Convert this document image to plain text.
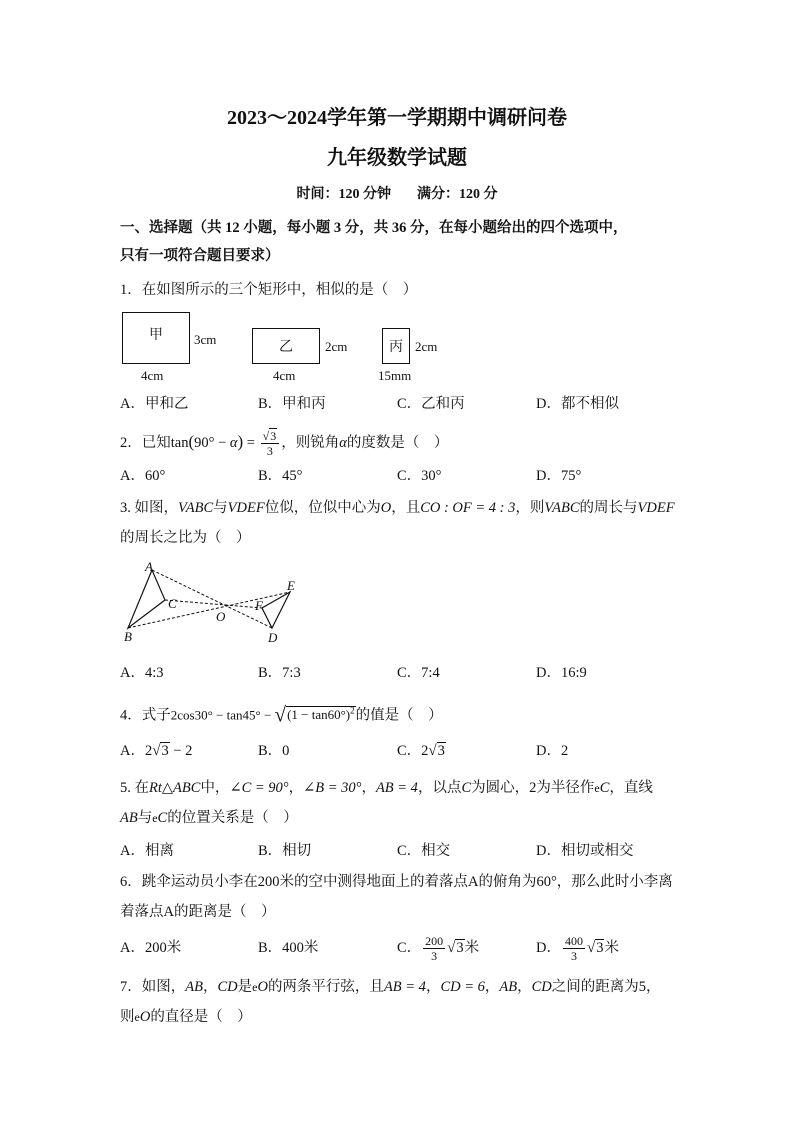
2023～2024学年第一学期期中调研问卷
九年级数学试题
时间：120 分钟 满分：120 分
一、选择题（共 12 小题，每小题 3 分，共 36 分，在每小题给出的四个选项中，
只有一项符合题目要求）
1．在如图所示的三个矩形中，相似的是（　）
甲 3cm
4cm
乙 2cm
4cm
丙 2cm
15mm
A．甲和乙	B．甲和丙	C．乙和丙	D．都不相似
2．已知$\tan(90^\circ - \alpha) = \frac{√3}{3}$ ，则锐角α的度数是（　）
A．60°	B．45°	C．30°	D．75°
3. 如图，VABC与VDEF位似，位似中心为O，且CO : OF = 4 : 3，则VABC的周长与VDEF
的周长之比为（　）
A
B
C
O
F
E
D
A．4:3	B．7:3	C．7:4	D．16:9
4．式子$2\cos 30^\circ - \tan 45^\circ - √(1 - \tan 60^\circ)^2$的值是（　）
A．2√3 − 2	B．0	C．2√3	D．2
5. 在Rt△ABC中，∠C = 90°，∠B = 30°，AB = 4，以点C为圆心，2为半径作eC，直线
AB与eC的位置关系是（　）
A．相离	B．相切	C．相交	D．相切或相交
6．跳伞运动员小李在200米的空中测得地面上的着落点A的俯角为60°，那么此时小李离
着落点A的距离是（　）
A．200米	B．400米	C． $\frac{200}{3} √3$米	D． $\frac{400}{3} √3$米
7．如图，AB，CD是eO的两条平行弦，且AB = 4，CD = 6，AB，CD之间的距离为5，
则eO的直径是（　）
